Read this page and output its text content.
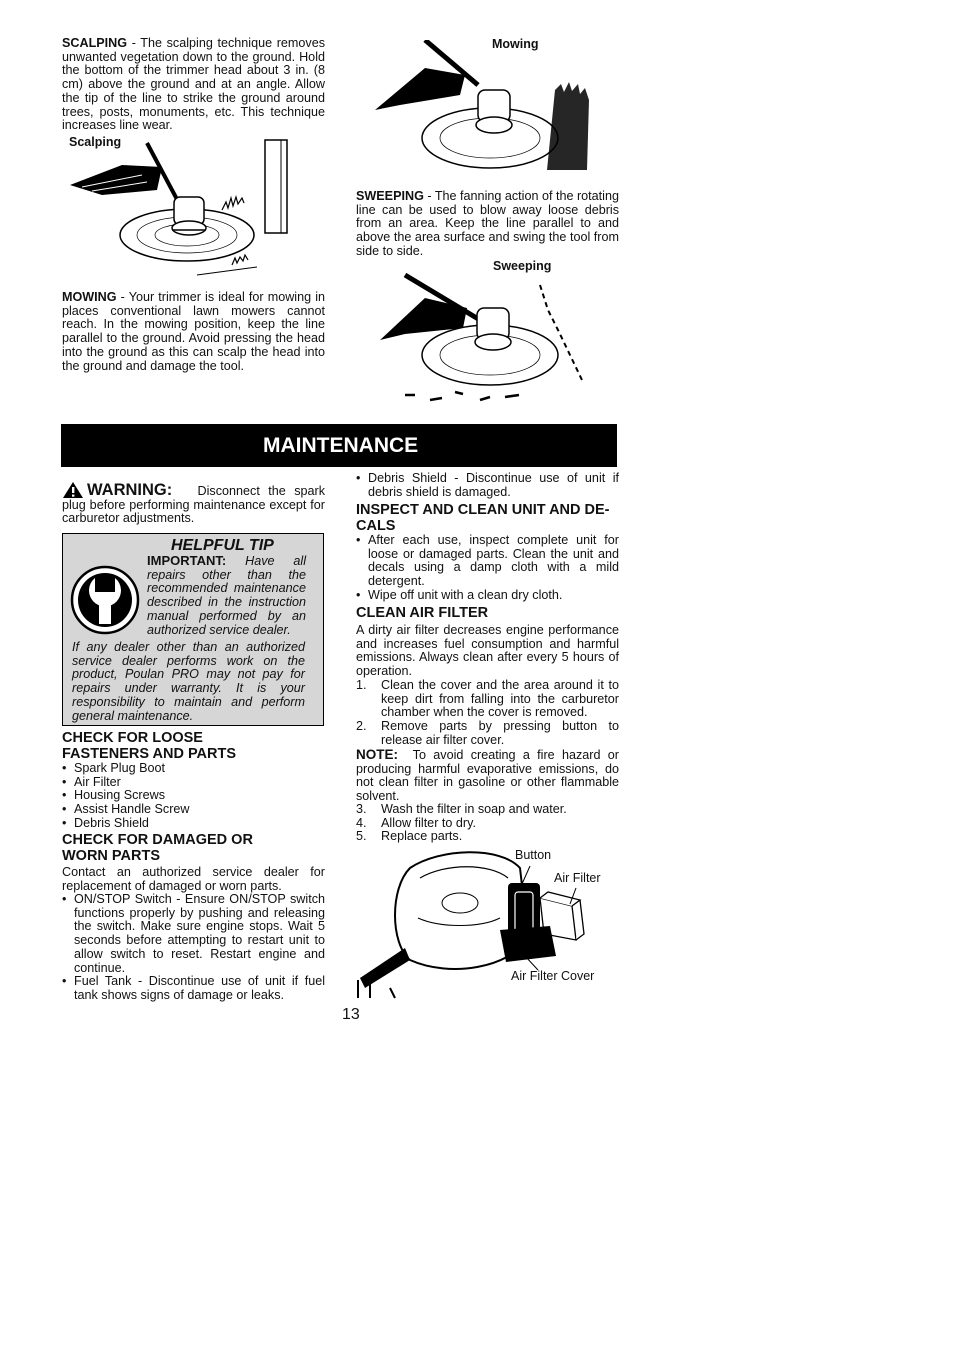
SCALPING - The scalping technique removes unwanted vegetation down to the ground. Hold the bottom of the trimmer head about 3 in. (8 cm) above the ground and at an angle. Allow the tip of the line to strike the ground around trees, posts, monuments, etc. This technique increases line wear.
Scalping
MOWING - Your trimmer is ideal for mowing in places conventional lawn mowers cannot reach. In the mowing position, keep the line parallel to the ground. Avoid pressing the head into the ground as this can scalp the head into the ground and damage the tool.
Mowing
SWEEPING - The fanning action of the rotating line can be used to blow away loose debris from an area. Keep the line parallel to and above the area surface and swing the tool from side to side.
Sweeping
MAINTENANCE
WARNING: Disconnect the spark plug before performing maintenance except for carburetor adjustments.
HELPFUL TIP
IMPORTANT: Have all repairs other than the recommended maintenance described in the instruction manual performed by an authorized service dealer.
If any dealer other than an authorized service dealer performs work on the product, Poulan PRO may not pay for repairs under warranty. It is your responsibility to maintain and perform general maintenance.
CHECK FOR LOOSE
FASTENERS AND PARTS
• Spark Plug Boot
• Air Filter
• Housing Screws
• Assist Handle Screw
• Debris Shield
CHECK FOR DAMAGED OR
WORN PARTS
Contact an authorized service dealer for replacement of damaged or worn parts.
• ON/STOP Switch - Ensure ON/STOP switch functions properly by pushing and releasing the switch. Make sure engine stops. Wait 5 seconds before attempting to restart unit to allow switch to reset. Restart engine and continue.
• Fuel Tank - Discontinue use of unit if fuel tank shows signs of damage or leaks.
• Debris Shield - Discontinue use of unit if debris shield is damaged.
INSPECT AND CLEAN UNIT AND DE-
CALS
• After each use, inspect complete unit for loose or damaged parts. Clean the unit and decals using a damp cloth with a mild detergent.
• Wipe off unit with a clean dry cloth.
CLEAN AIR FILTER
A dirty air filter decreases engine performance and increases fuel consumption and harmful emissions. Always clean after every 5 hours of operation.
1. Clean the cover and the area around it to keep dirt from falling into the carburetor chamber when the cover is removed.
2. Remove parts by pressing button to release air filter cover.
NOTE: To avoid creating a fire hazard or producing harmful evaporative emissions, do not clean filter in gasoline or other flammable solvent.
3. Wash the filter in soap and water.
4. Allow filter to dry.
5. Replace parts.
Button
Air Filter
Air Filter Cover
13
